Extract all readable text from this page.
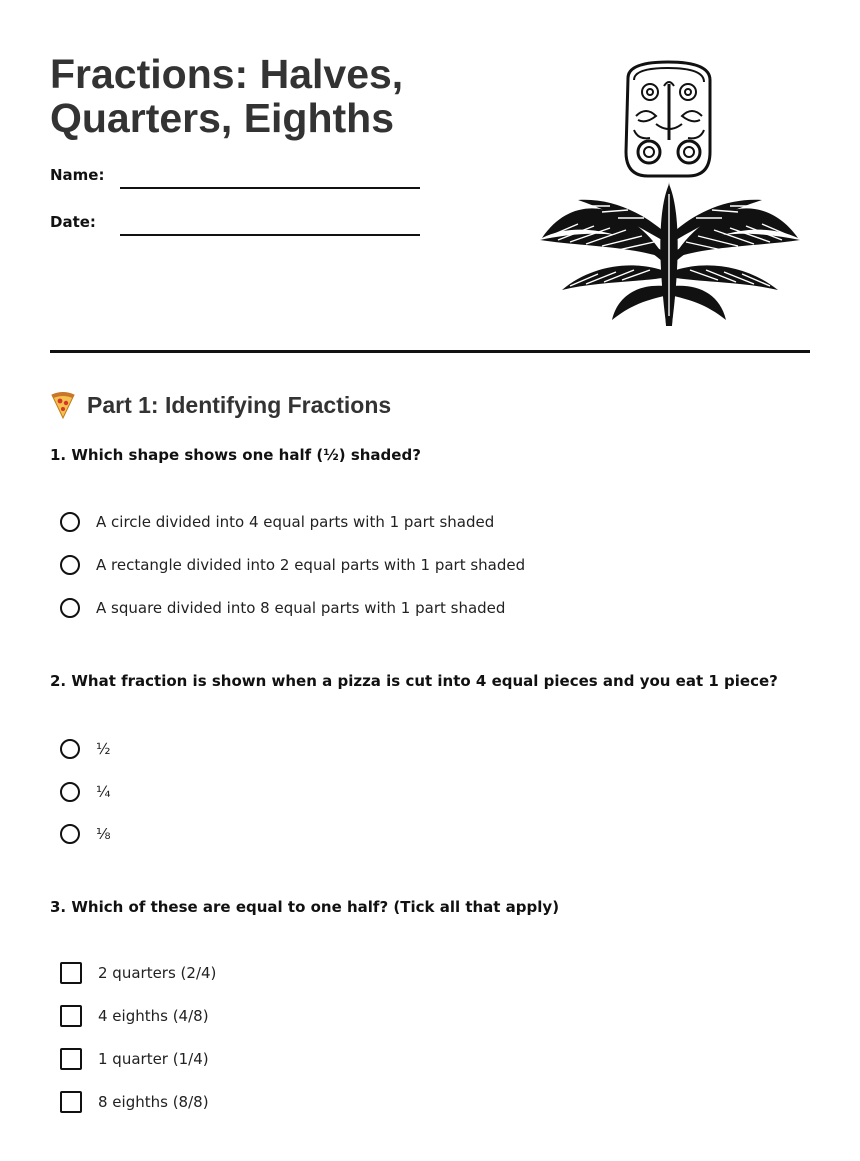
Fractions: Halves,
Quarters, Eighths
Name:
Date:
Part 1: Identifying Fractions

1. Which shape shows one half (½) shaded?

A circle divided into 4 equal parts with 1 part shaded
A rectangle divided into 2 equal parts with 1 part shaded
A square divided into 8 equal parts with 1 part shaded

2. What fraction is shown when a pizza is cut into 4 equal pieces and you eat 1 piece?

½
¼
⅛

3. Which of these are equal to one half? (Tick all that apply)

2 quarters (2/4)
4 eighths (4/8)
1 quarter (1/4)
8 eighths (8/8)
